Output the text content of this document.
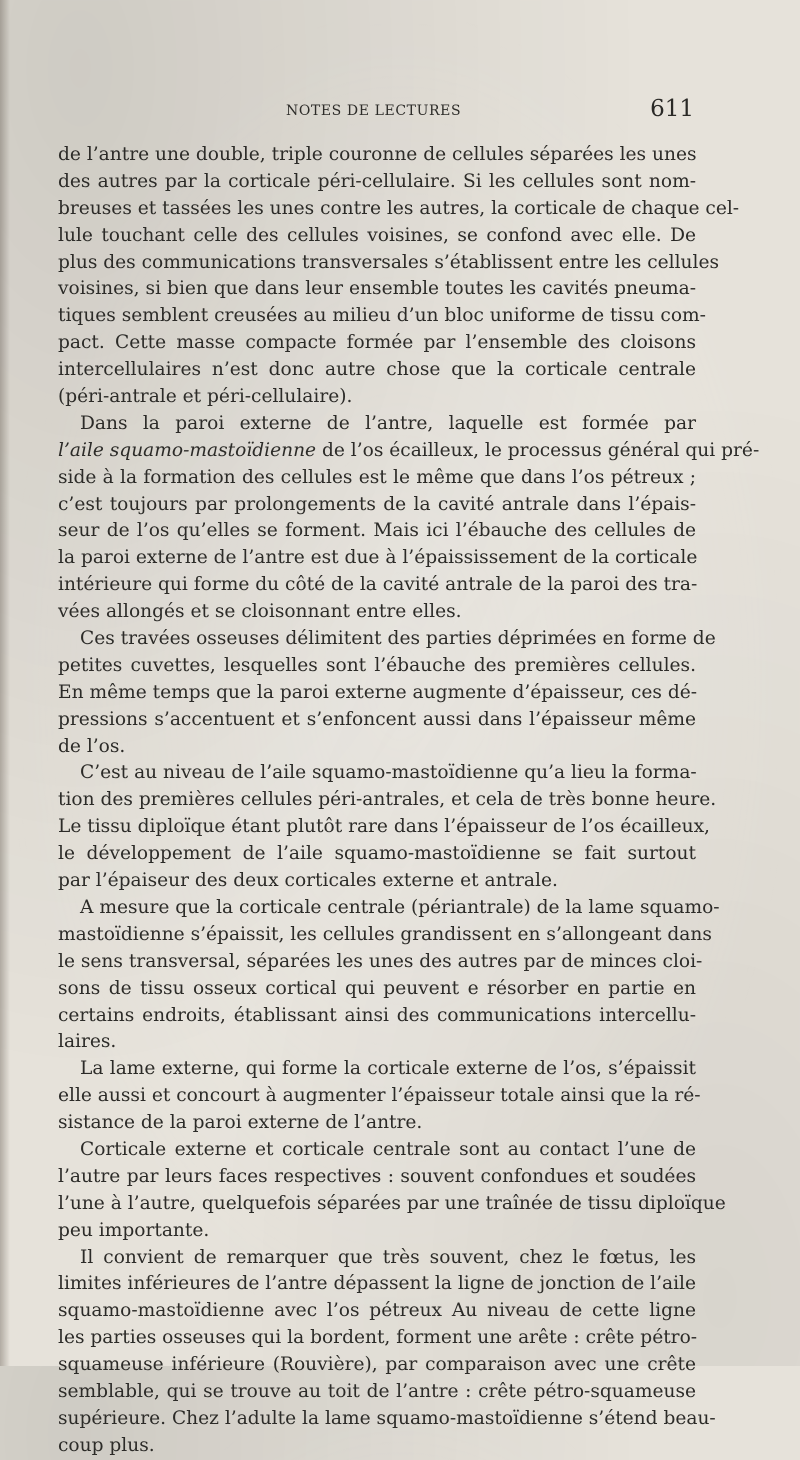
NOTES DE LECTURES	611
de l’antre une double, triple couronne de cellules séparées les unes
des autres par la corticale péri-cellulaire. Si les cellules sont nom-
breuses et tassées les unes contre les autres, la corticale de chaque cel-
lule touchant celle des cellules voisines, se confond avec elle. De
plus des communications transversales s’établissent entre les cellules
voisines, si bien que dans leur ensemble toutes les cavités pneuma-
tiques semblent creusées au milieu d’un bloc uniforme de tissu com-
pact. Cette masse compacte formée par l’ensemble des cloisons
intercellulaires n’est donc autre chose que la corticale centrale
(péri-antrale et péri-cellulaire).
Dans la paroi externe de l’antre, laquelle est formée par
l’aile squamo-mastoïdienne de l’os écailleux, le processus général qui pré-
side à la formation des cellules est le même que dans l’os pétreux ;
c’est toujours par prolongements de la cavité antrale dans l’épais-
seur de l’os qu’elles se forment. Mais ici l’ébauche des cellules de
la paroi externe de l’antre est due à l’épaississement de la corticale
intérieure qui forme du côté de la cavité antrale de la paroi des tra-
vées allongés et se cloisonnant entre elles.
Ces travées osseuses délimitent des parties déprimées en forme de
petites cuvettes, lesquelles sont l’ébauche des premières cellules.
En même temps que la paroi externe augmente d’épaisseur, ces dé-
pressions s’accentuent et s’enfoncent aussi dans l’épaisseur même
de l’os.
C’est au niveau de l’aile squamo-mastoïdienne qu’a lieu la forma-
tion des premières cellules péri-antrales, et cela de très bonne heure.
Le tissu diploïque étant plutôt rare dans l’épaisseur de l’os écailleux,
le développement de l’aile squamo-mastoïdienne se fait surtout
par l’épaiseur des deux corticales externe et antrale.
A mesure que la corticale centrale (périantrale) de la lame squamo-
mastoïdienne s’épaissit, les cellules grandissent en s’allongeant dans
le sens transversal, séparées les unes des autres par de minces cloi-
sons de tissu osseux cortical qui peuvent e résorber en partie en
certains endroits, établissant ainsi des communications intercellu-
laires.
La lame externe, qui forme la corticale externe de l’os, s’épaissit
elle aussi et concourt à augmenter l’épaisseur totale ainsi que la ré-
sistance de la paroi externe de l’antre.
Corticale externe et corticale centrale sont au contact l’une de
l’autre par leurs faces respectives : souvent confondues et soudées
l’une à l’autre, quelquefois séparées par une traînée de tissu diploïque
peu importante.
Il convient de remarquer que très souvent, chez le fœtus, les
limites inférieures de l’antre dépassent la ligne de jonction de l’aile
squamo-mastoïdienne avec l’os pétreux Au niveau de cette ligne
les parties osseuses qui la bordent, forment une arête : crête pétro-
squameuse inférieure (Rouvière), par comparaison avec une crête
semblable, qui se trouve au toit de l’antre : crête pétro-squameuse
supérieure. Chez l’adulte la lame squamo-mastoïdienne s’étend beau-
coup plus.
